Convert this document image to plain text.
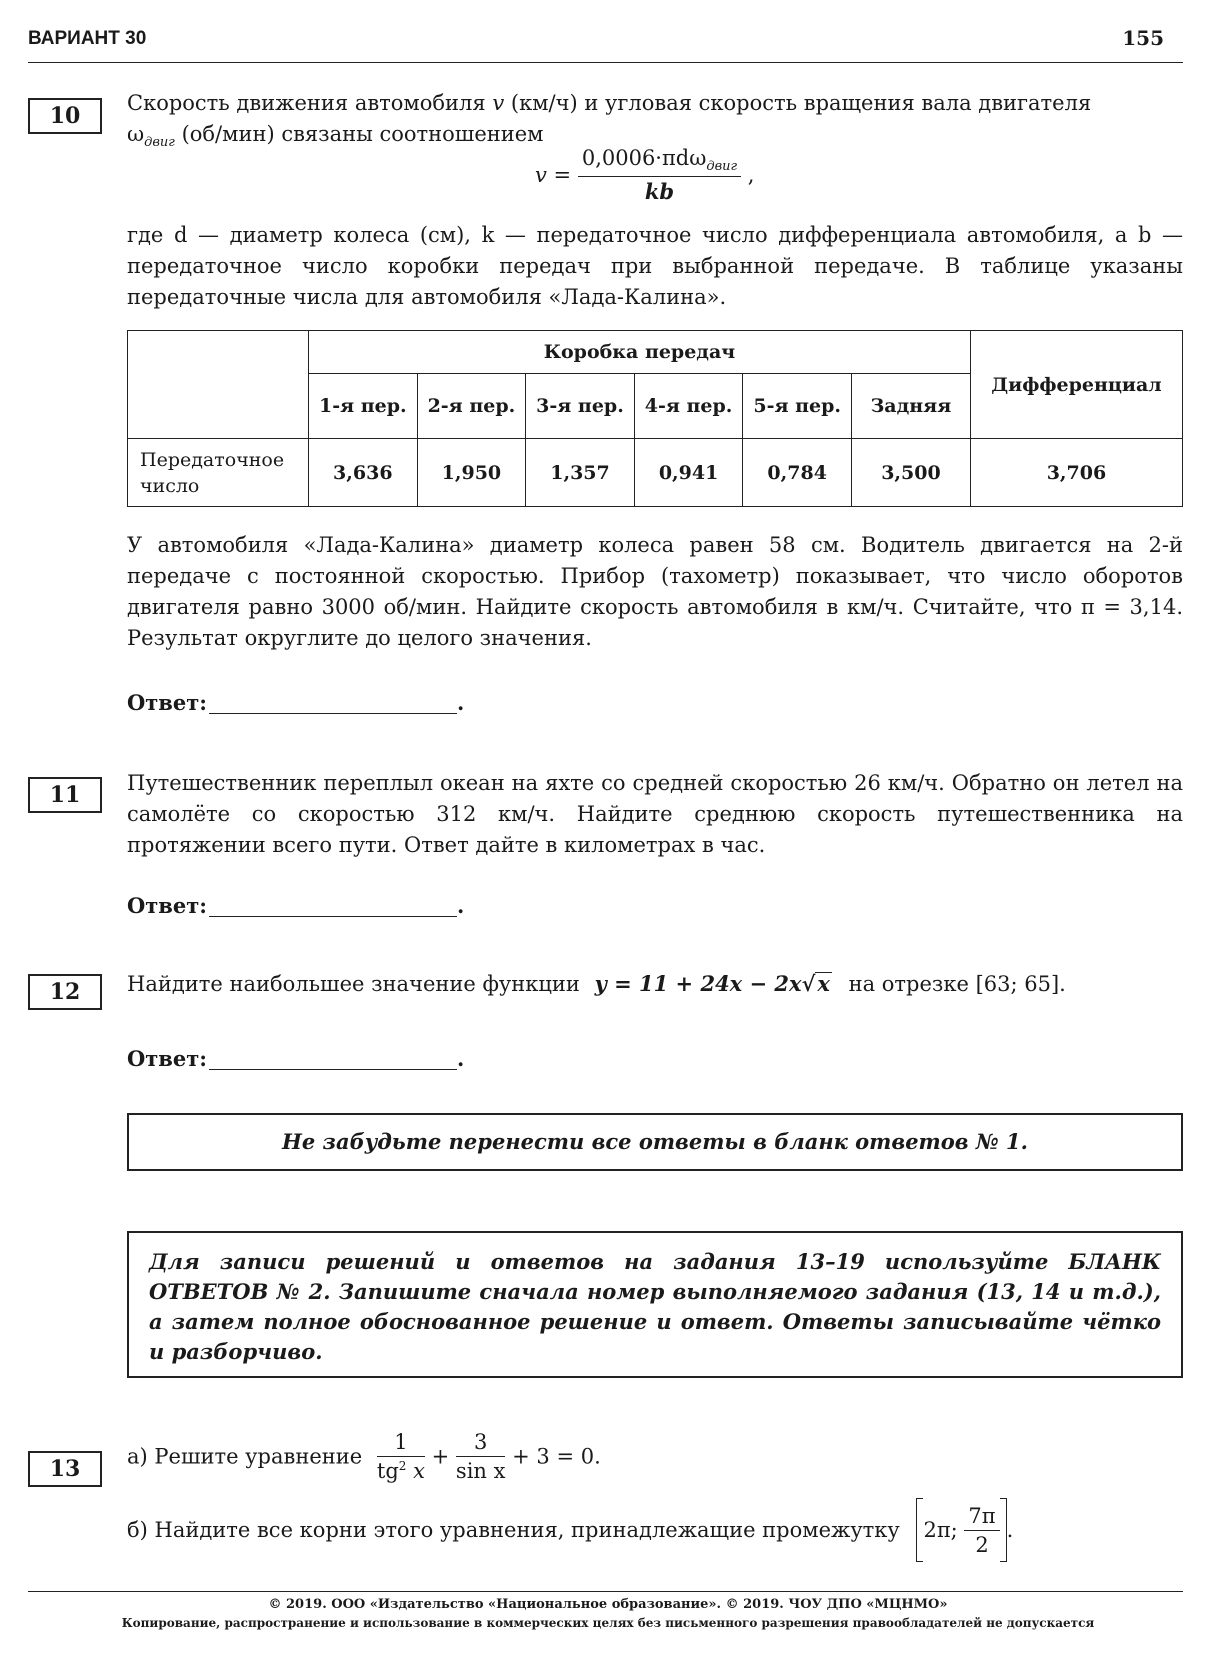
ВАРИАНТ 30	155
10	Скорость движения автомобиля v (км/ч) и угловая скорость вращения вала двигателя
$\omega_{двиг}$ (об/мин) связаны соотношением
$v = \frac{0,0006\cdot\pi d\omega_{двиг}}{kb}$ ,
где d — диаметр колеса (см), k — передаточное число дифференциала автомобиля, а b — передаточное число коробки передач при выбранной передаче. В таблице указаны передаточные числа для автомобиля «Лада-Калина».
	Коробка передач						Дифференциал
	1-я пер.	2-я пер.	3-я пер.	4-я пер.	5-я пер.	Задняя	
Передаточное число	3,636	1,950	1,357	0,941	0,784	3,500	3,706
У автомобиля «Лада-Калина» диаметр колеса равен 58 см. Водитель двигается на 2-й передаче с постоянной скоростью. Прибор (тахометр) показывает, что число оборотов двигателя равно 3000 об/мин. Найдите скорость автомобиля в км/ч. Считайте, что π = 3,14. Результат округлите до целого значения.
Ответ:	.
11	Путешественник переплыл океан на яхте со средней скоростью 26 км/ч. Обратно он летел на самолёте со скоростью 312 км/ч. Найдите среднюю скорость путешественника на протяжении всего пути. Ответ дайте в километрах в час.
Ответ:	.
12	Найдите наибольшее значение функции y = 11 + 24x − 2x√x на отрезке [63; 65].
Ответ:	.
Не забудьте перенести все ответы в бланк ответов № 1.
Для записи решений и ответов на задания 13–19 используйте БЛАНК ОТВЕТОВ № 2. Запишите сначала номер выполняемого задания (13, 14 и т.д.), а затем полное обоснованное решение и ответ. Ответы записывайте чётко и разборчиво.
13	а) Решите уравнение $\frac{1}{tg^2 x} + \frac{3}{\text{sin x}} + 3 = 0$.
б) Найдите все корни этого уравнения, принадлежащие промежутку 2π; $\frac{7\pi}{2}$ .
© 2019. ООО «Издательство «Национальное образование». © 2019. ЧОУ ДПО «МЦНМО»
Копирование, распространение и использование в коммерческих целях без письменного разрешения правообладателей не допускается
